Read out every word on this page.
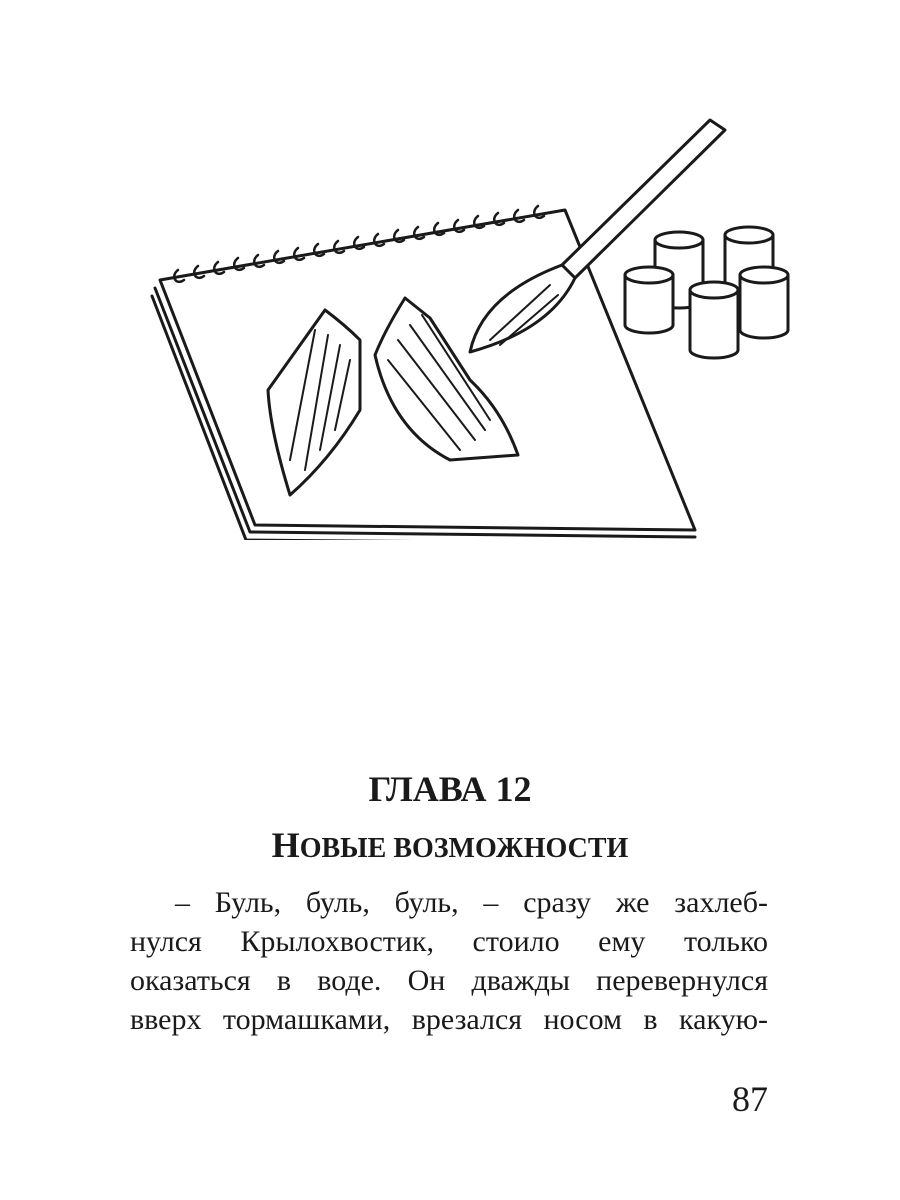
ГЛАВА 12
НОВЫЕ ВОЗМОЖНОСТИ
– Буль, буль, буль, – сразу же захлеб-
нулся Крылохвостик, стоило ему только
оказаться в воде. Он дважды перевернулся
вверх тормашками, врезался носом в какую-
87
